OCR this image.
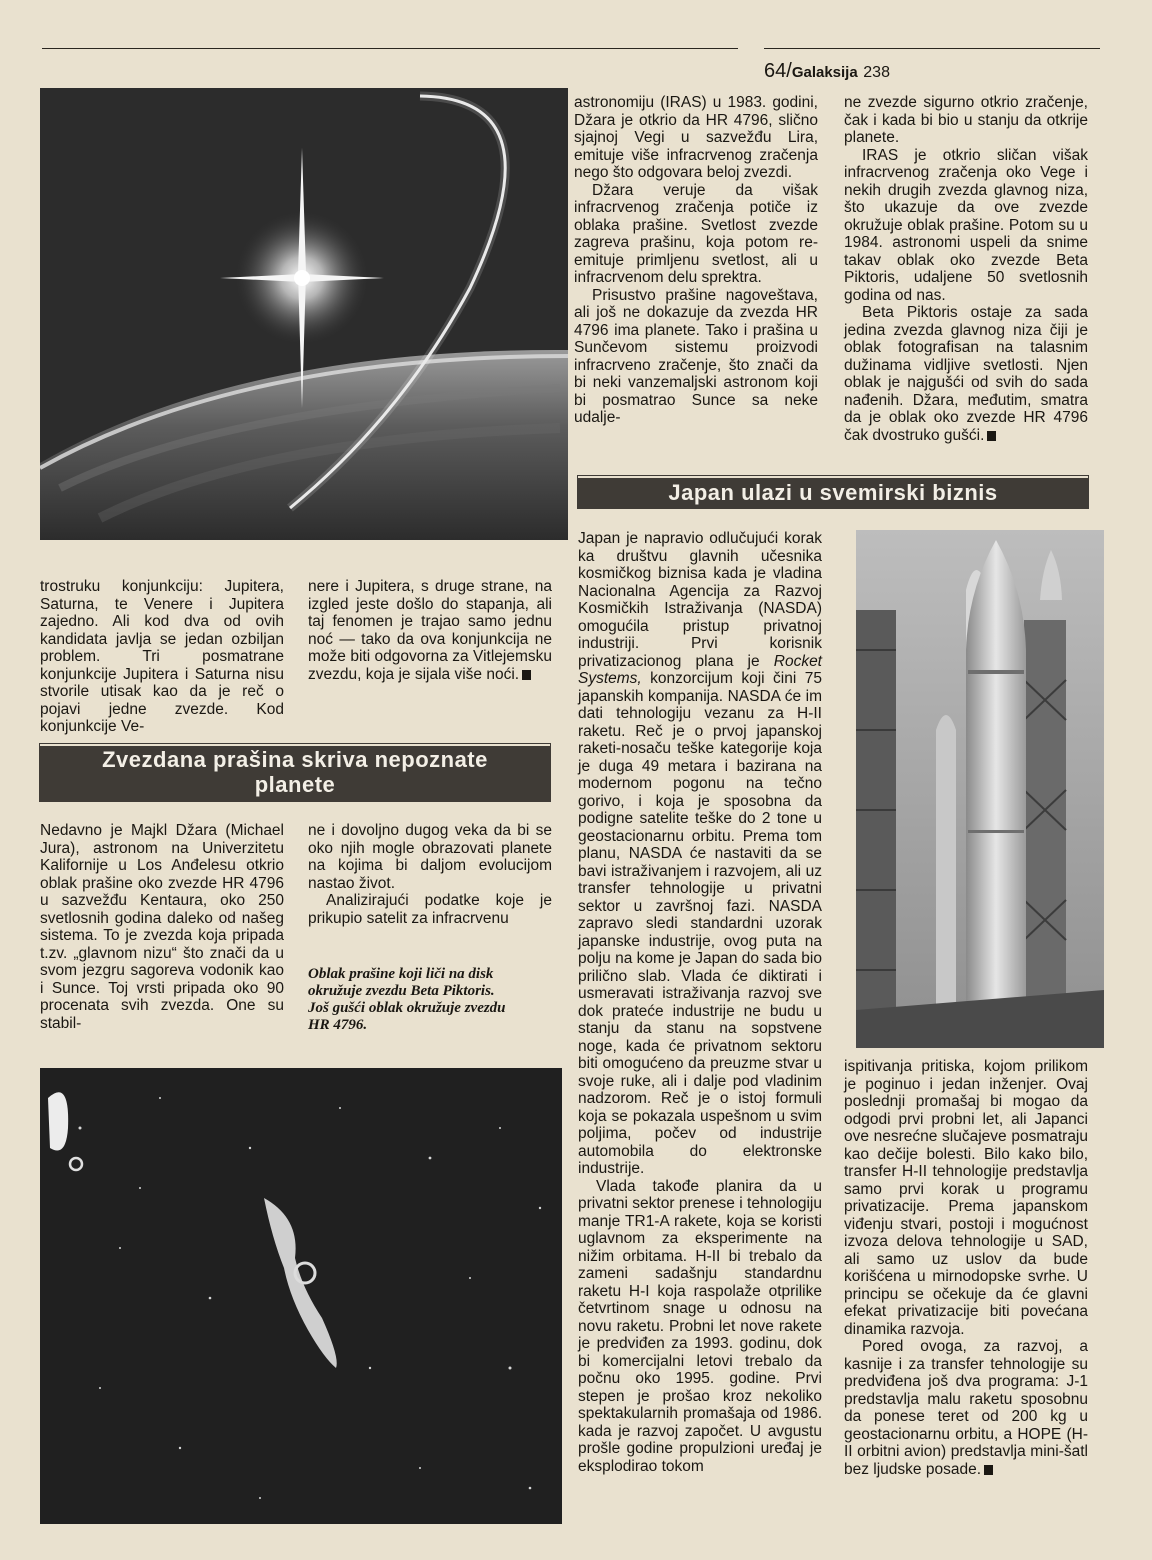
64/Galaksija 238

trostruku konjunkciju: Jupitera, Saturna, te Venere i Jupitera zajedno. Ali kod dva od ovih kandidata javlja se jedan ozbiljan problem. Tri posmatrane konjunkcije Jupitera i Saturna nisu stvorile utisak kao da je reč o pojavi jedne zvezde. Kod konjunkcije Ve-

nere i Jupitera, s druge strane, na izgled jeste došlo do stapanja, ali taj fenomen je trajao samo jednu noć — tako da ova konjunkcija ne može biti odgovorna za Vitlejemsku zvezdu, koja je sijala više noći.

Zvezdana prašina skriva nepoznate
planete

Nedavno je Majkl Džara (Michael Jura), astronom na Univerzitetu Kalifornije u Los Anđelesu otkrio oblak prašine oko zvezde HR 4796 u sazvežđu Kentaura, oko 250 svetlosnih godina daleko od našeg sistema. To je zvezda koja pripada t.zv. „glavnom nizu“ što znači da u svom jezgru sagoreva vodonik kao i Sunce. Toj vrsti pripada oko 90 procenata svih zvezda. One su stabil-

ne i dovoljno dugog veka da bi se oko njih mogle obrazovati planete na kojima bi daljom evolucijom nastao život.

Analizirajući podatke koje je prikupio satelit za infracrvenu

Oblak prašine koji liči na disk
okružuje zvezdu Beta Piktoris.
Još gušći oblak okružuje zvezdu
HR 4796.

astronomiju (IRAS) u 1983. godini, Džara je otkrio da HR 4796, slično sjajnoj Vegi u sazvežđu Lira, emituje više infracrvenog zračenja nego što odgovara beloj zvezdi.

Džara veruje da višak infracrvenog zračenja potiče iz oblaka prašine. Svetlost zvezde zagreva prašinu, koja potom re-emituje primljenu svetlost, ali u infracrvenom delu sprektra.

Prisustvo prašine nagoveštava, ali još ne dokazuje da zvezda HR 4796 ima planete. Tako i prašina u Sunčevom sistemu proizvodi infracrveno zračenje, što znači da bi neki vanzemaljski astronom koji bi posmatrao Sunce sa neke udalje-

ne zvezde sigurno otkrio zračenje, čak i kada bi bio u stanju da otkrije planete.

IRAS je otkrio sličan višak infracrvenog zračenja oko Vege i nekih drugih zvezda glavnog niza, što ukazuje da ove zvezde okružuje oblak prašine. Potom su u 1984. astronomi uspeli da snime takav oblak oko zvezde Beta Piktoris, udaljene 50 svetlosnih godina od nas.

Beta Piktoris ostaje za sada jedina zvezda glavnog niza čiji je oblak fotografisan na talasnim dužinama vidljive svetlosti. Njen oblak je najgušći od svih do sada nađenih. Džara, međutim, smatra da je oblak oko zvezde HR 4796 čak dvostruko gušći.

Japan ulazi u svemirski biznis

Japan je napravio odlučujući korak ka društvu glavnih učesnika kosmičkog biznisa kada je vladina Nacionalna Agencija za Razvoj Kosmičkih Istraživanja (NASDA) omogućila pristup privatnoj industriji. Prvi korisnik privatizacionog plana je Rocket Systems, konzorcijum koji čini 75 japanskih kompanija. NASDA će im dati tehnologiju vezanu za H-II raketu. Reč je o prvoj japanskoj raketi-nosaču teške kategorije koja je duga 49 metara i bazirana na modernom pogonu na tečno gorivo, i koja je sposobna da podigne satelite teške do 2 tone u geostacionarnu orbitu. Prema tom planu, NASDA će nastaviti da se bavi istraživanjem i razvojem, ali uz transfer tehnologije u privatni sektor u završnoj fazi. NASDA zapravo sledi standardni uzorak japanske industrije, ovog puta na polju na kome je Japan do sada bio prilično slab. Vlada će diktirati i usmeravati istraživanja razvoj sve dok prateće industrije ne budu u stanju da stanu na sopstvene noge, kada će privatnom sektoru biti omogućeno da preuzme stvar u svoje ruke, ali i dalje pod vladinim nadzorom. Reč je o istoj formuli koja se pokazala uspešnom u svim poljima, počev od industrije automobila do elektronske industrije.

Vlada takođe planira da u privatni sektor prenese i tehnologiju manje TR1-A rakete, koja se koristi uglavnom za eksperimente na nižim orbitama. H-II bi trebalo da zameni sadašnju standardnu raketu H-I koja raspolaže otprilike četvrtinom snage u odnosu na novu raketu. Probni let nove rakete je predviđen za 1993. godinu, dok bi komercijalni letovi trebalo da počnu oko 1995. godine. Prvi stepen je prošao kroz nekoliko spektakularnih promašaja od 1986. kada je razvoj započet. U avgustu prošle godine propulzioni uređaj je eksplodirao tokom

ispitivanja pritiska, kojom prilikom je poginuo i jedan inženjer. Ovaj poslednji promašaj bi mogao da odgodi prvi probni let, ali Japanci ove nesrećne slučajeve posmatraju kao dečije bolesti. Bilo kako bilo, transfer H-II tehnologije predstavlja samo prvi korak u programu privatizacije. Prema japanskom viđenju stvari, postoji i mogućnost izvoza delova tehnologije u SAD, ali samo uz uslov da bude korišćena u mirnodopske svrhe. U principu se očekuje da će glavni efekat privatizacije biti povećana dinamika razvoja.

Pored ovoga, za razvoj, a kasnije i za transfer tehnologije su predviđena još dva programa: J-1 predstavlja malu raketu sposobnu da ponese teret od 200 kg u geostacionarnu orbitu, a HOPE (H-II orbitni avion) predstavlja mini-šatl bez ljudske posade.
